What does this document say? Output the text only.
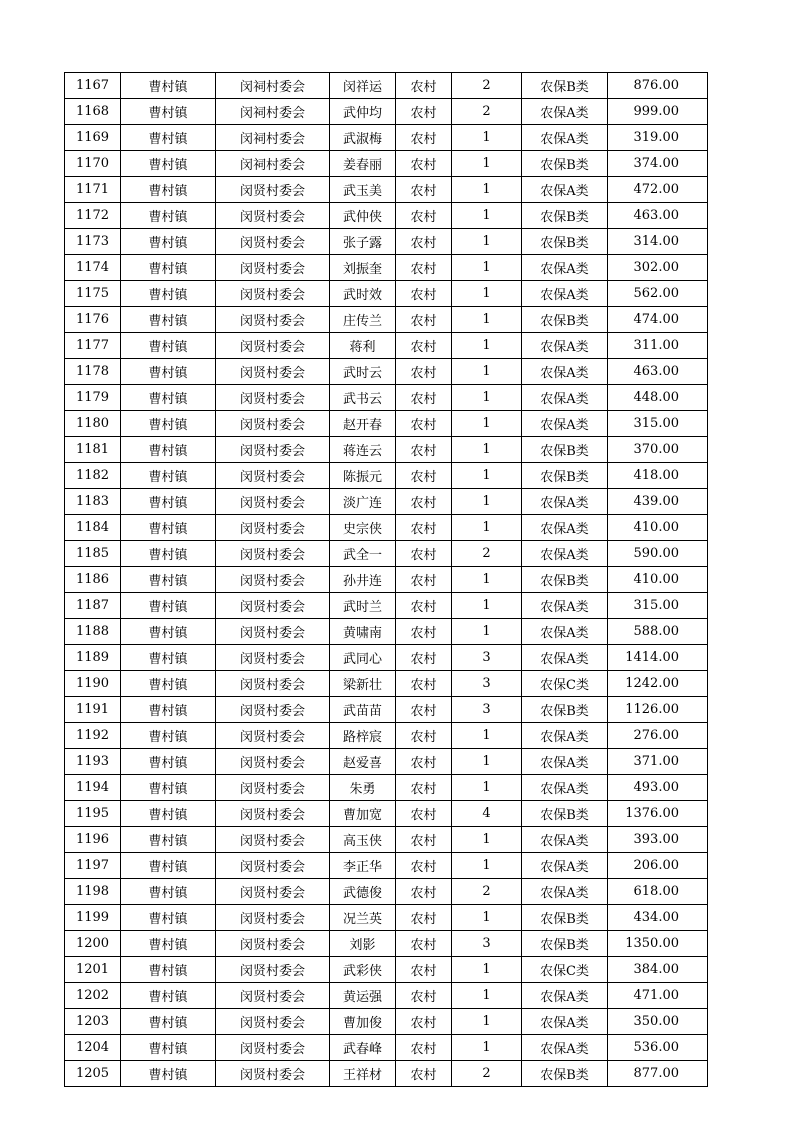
1167	曹村镇	闵祠村委会	闵祥运	农村	2	农保B类	876.00
1168	曹村镇	闵祠村委会	武仲均	农村	2	农保A类	999.00
1169	曹村镇	闵祠村委会	武淑梅	农村	1	农保A类	319.00
1170	曹村镇	闵祠村委会	姜春丽	农村	1	农保B类	374.00
1171	曹村镇	闵贤村委会	武玉美	农村	1	农保A类	472.00
1172	曹村镇	闵贤村委会	武仲侠	农村	1	农保B类	463.00
1173	曹村镇	闵贤村委会	张子露	农村	1	农保B类	314.00
1174	曹村镇	闵贤村委会	刘振奎	农村	1	农保A类	302.00
1175	曹村镇	闵贤村委会	武时效	农村	1	农保A类	562.00
1176	曹村镇	闵贤村委会	庄传兰	农村	1	农保B类	474.00
1177	曹村镇	闵贤村委会	蒋利	农村	1	农保A类	311.00
1178	曹村镇	闵贤村委会	武时云	农村	1	农保A类	463.00
1179	曹村镇	闵贤村委会	武书云	农村	1	农保A类	448.00
1180	曹村镇	闵贤村委会	赵开春	农村	1	农保A类	315.00
1181	曹村镇	闵贤村委会	蒋连云	农村	1	农保B类	370.00
1182	曹村镇	闵贤村委会	陈振元	农村	1	农保B类	418.00
1183	曹村镇	闵贤村委会	淡广连	农村	1	农保A类	439.00
1184	曹村镇	闵贤村委会	史宗侠	农村	1	农保A类	410.00
1185	曹村镇	闵贤村委会	武全一	农村	2	农保A类	590.00
1186	曹村镇	闵贤村委会	孙井连	农村	1	农保B类	410.00
1187	曹村镇	闵贤村委会	武时兰	农村	1	农保A类	315.00
1188	曹村镇	闵贤村委会	黄啸南	农村	1	农保A类	588.00
1189	曹村镇	闵贤村委会	武同心	农村	3	农保A类	1414.00
1190	曹村镇	闵贤村委会	梁新壮	农村	3	农保C类	1242.00
1191	曹村镇	闵贤村委会	武苗苗	农村	3	农保B类	1126.00
1192	曹村镇	闵贤村委会	路梓宸	农村	1	农保A类	276.00
1193	曹村镇	闵贤村委会	赵爱喜	农村	1	农保A类	371.00
1194	曹村镇	闵贤村委会	朱勇	农村	1	农保A类	493.00
1195	曹村镇	闵贤村委会	曹加宽	农村	4	农保B类	1376.00
1196	曹村镇	闵贤村委会	高玉侠	农村	1	农保A类	393.00
1197	曹村镇	闵贤村委会	李正华	农村	1	农保A类	206.00
1198	曹村镇	闵贤村委会	武德俊	农村	2	农保A类	618.00
1199	曹村镇	闵贤村委会	况兰英	农村	1	农保B类	434.00
1200	曹村镇	闵贤村委会	刘影	农村	3	农保B类	1350.00
1201	曹村镇	闵贤村委会	武彩侠	农村	1	农保C类	384.00
1202	曹村镇	闵贤村委会	黄运强	农村	1	农保A类	471.00
1203	曹村镇	闵贤村委会	曹加俊	农村	1	农保A类	350.00
1204	曹村镇	闵贤村委会	武春峰	农村	1	农保A类	536.00
1205	曹村镇	闵贤村委会	王祥材	农村	2	农保B类	877.00
